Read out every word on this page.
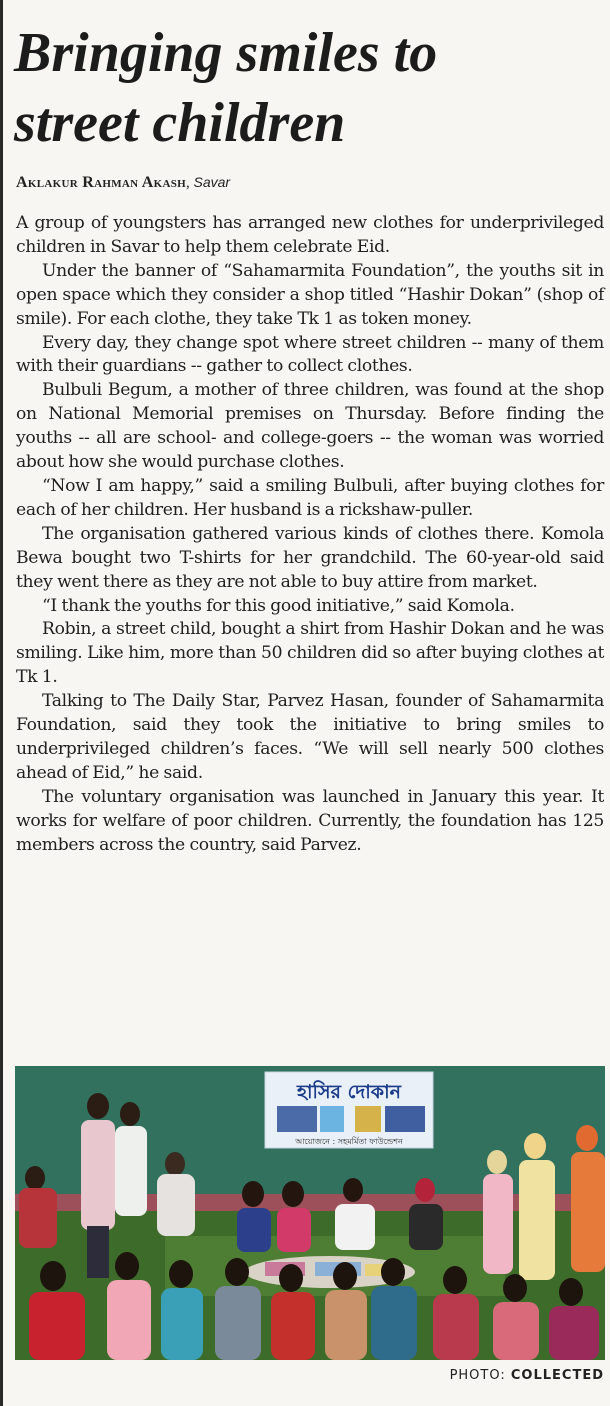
Bringing smiles to
street children
Aklakur Rahman Akash, Savar

A group of youngsters has arranged new clothes for underprivileged children in Savar to help them celebrate Eid.

Under the banner of “Sahamarmita Foundation”, the youths sit in open space which they consider a shop titled “Hashir Dokan” (shop of smile). For each clothe, they take Tk 1 as token money.

Every day, they change spot where street children -- many of them with their guardians -- gather to collect clothes.

Bulbuli Begum, a mother of three children, was found at the shop on National Memorial premises on Thursday. Before finding the youths -- all are school- and college-goers -- the woman was worried about how she would purchase clothes.

“Now I am happy,” said a smiling Bulbuli, after buying clothes for each of her children. Her husband is a rickshaw-puller.

The organisation gathered various kinds of clothes there. Komola Bewa bought two T-shirts for her grandchild. The 60-year-old said they went there as they are not able to buy attire from market.

“I thank the youths for this good initiative,” said Komola.

Robin, a street child, bought a shirt from Hashir Dokan and he was smiling. Like him, more than 50 children did so after buying clothes at Tk 1.

Talking to The Daily Star, Parvez Hasan, founder of Sahamarmita Foundation, said they took the initiative to bring smiles to underprivileged children’s faces. “We will sell nearly 500 clothes ahead of Eid,” he said.

The voluntary organisation was launched in January this year. It works for welfare of poor children. Currently, the foundation has 125 members across the country, said Parvez.

হাসির দোকান
আয়োজনে : সহমর্মিতা ফাউন্ডেশন
PHOTO: COLLECTED
